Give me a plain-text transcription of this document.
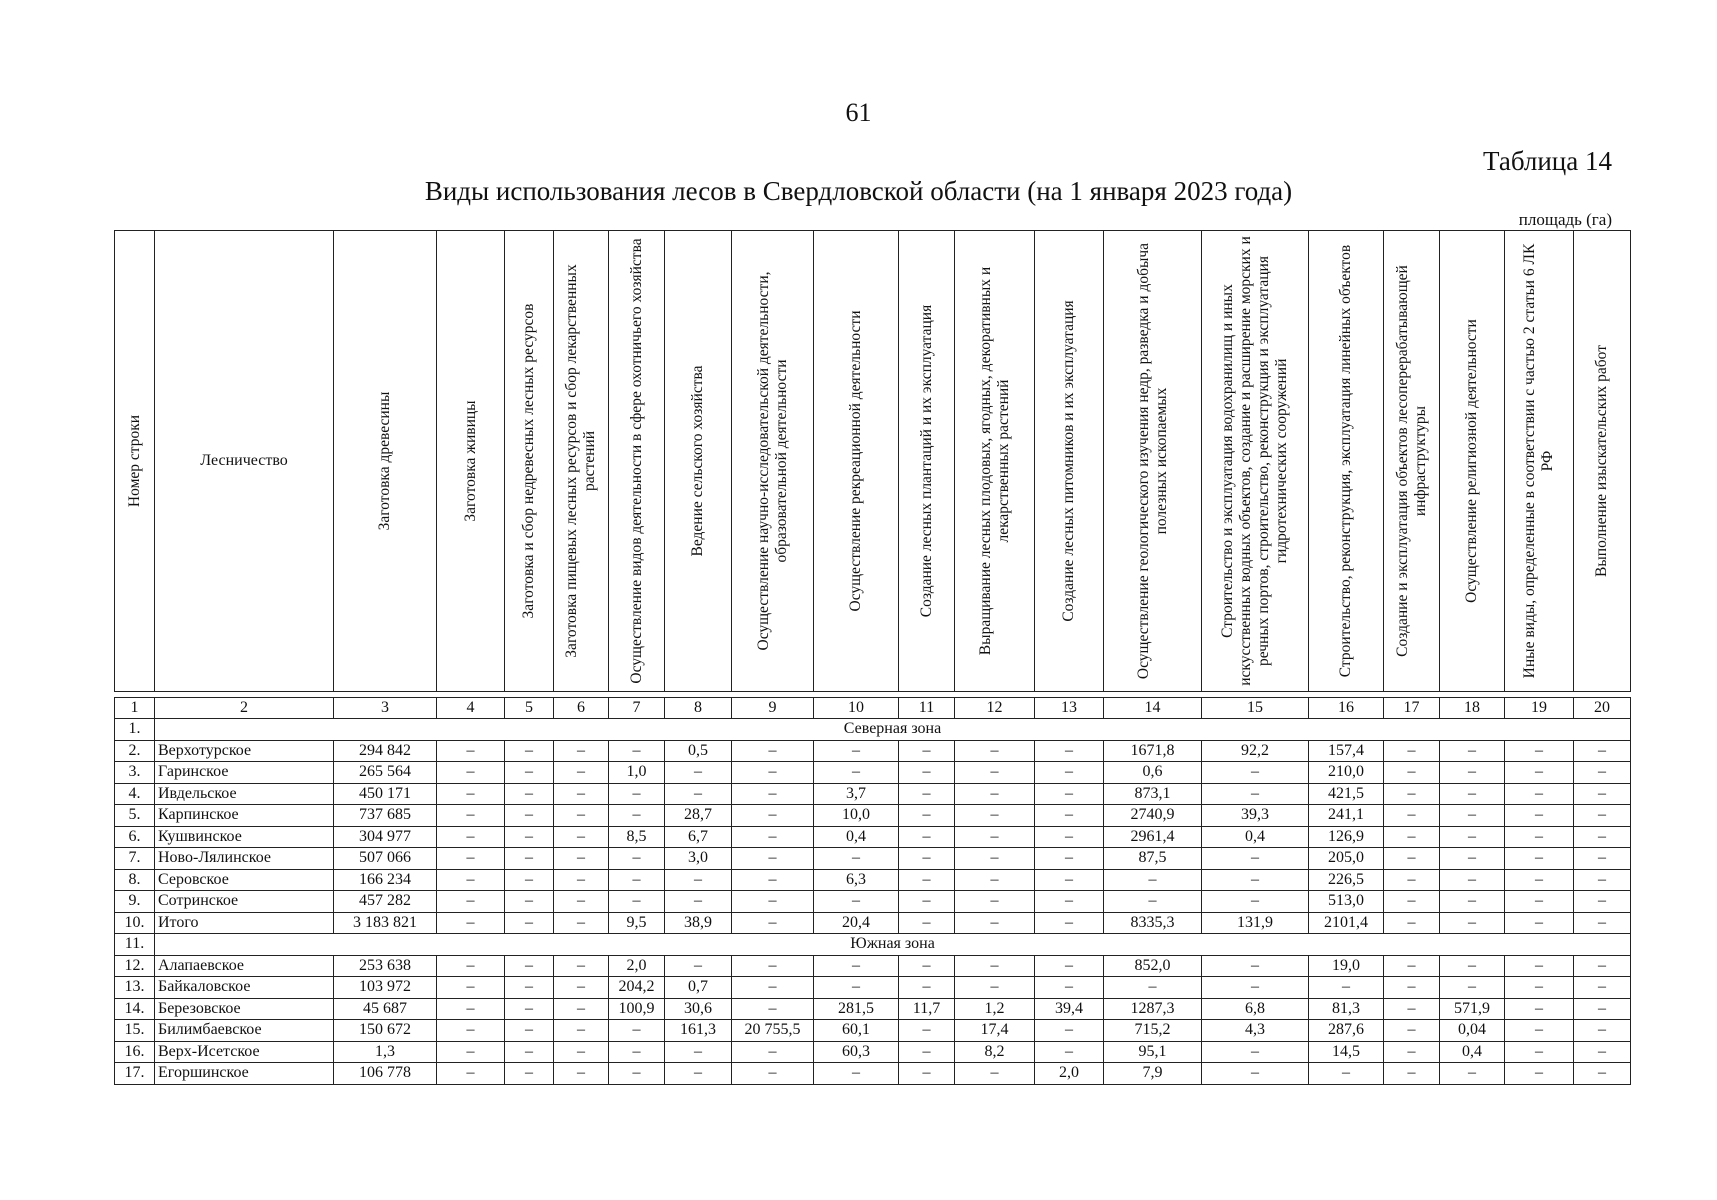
61
Таблица 14
Виды использования лесов в Свердловской области (на 1 января 2023 года)
площадь (га)
Номер строки	Лесничество	Заготовка древесины	Заготовка живицы	Заготовка и сбор недревесных лесных ресурсов	Заготовка пищевых лесных ресурсов и сбор лекарственных растений	Осуществление видов деятельности в сфере охотничьего хозяйства	Ведение сельского хозяйства	Осуществление научно-исследовательской деятельности, образовательной деятельности	Осуществление рекреационной деятельности	Создание лесных плантаций и их эксплуатация	Выращивание лесных плодовых, ягодных, декоративных и лекарственных растений	Создание лесных питомников и их эксплуатация	Осуществление геологического изучения недр, разведка и добыча полезных ископаемых	Строительство и эксплуатация водохранилищ и иных искусственных водных объектов, создание и расширение морских и речных портов, строительство, реконструкция и эксплуатация гидротехнических сооружений	Строительство, реконструкция, эксплуатация линейных объектов	Создание и эксплуатация объектов лесоперерабатывающей инфраструктуры	Осуществление религиозной деятельности	Иные виды, определенные в соответствии с частью 2 статьи 6 ЛК РФ	Выполнение изыскательских работ

1	2	3	4	5	6	7	8	9	10	11	12	13	14	15	16	17	18	19	20
1.	Северная зона																		
2.	Верхотурское	294 842	–	–	–	–	0,5	–	–	–	–	–	1671,8	92,2	157,4	–	–	–	–
3.	Гаринское	265 564	–	–	–	1,0	–	–	–	–	–	–	0,6	–	210,0	–	–	–	–
4.	Ивдельское	450 171	–	–	–	–	–	–	3,7	–	–	–	873,1	–	421,5	–	–	–	–
5.	Карпинское	737 685	–	–	–	–	28,7	–	10,0	–	–	–	2740,9	39,3	241,1	–	–	–	–
6.	Кушвинское	304 977	–	–	–	8,5	6,7	–	0,4	–	–	–	2961,4	0,4	126,9	–	–	–	–
7.	Ново-Лялинское	507 066	–	–	–	–	3,0	–	–	–	–	–	87,5	–	205,0	–	–	–	–
8.	Серовское	166 234	–	–	–	–	–	–	6,3	–	–	–	–	–	226,5	–	–	–	–
9.	Сотринское	457 282	–	–	–	–	–	–	–	–	–	–	–	–	513,0	–	–	–	–
10.	Итого	3 183 821	–	–	–	9,5	38,9	–	20,4	–	–	–	8335,3	131,9	2101,4	–	–	–	–
11.	Южная зона																		
12.	Алапаевское	253 638	–	–	–	2,0	–	–	–	–	–	–	852,0	–	19,0	–	–	–	–
13.	Байкаловское	103 972	–	–	–	204,2	0,7	–	–	–	–	–	–	–	–	–	–	–	–
14.	Березовское	45 687	–	–	–	100,9	30,6	–	281,5	11,7	1,2	39,4	1287,3	6,8	81,3	–	571,9	–	–
15.	Билимбаевское	150 672	–	–	–	–	161,3	20 755,5	60,1	–	17,4	–	715,2	4,3	287,6	–	0,04	–	–
16.	Верх-Исетское	1,3	–	–	–	–	–	–	60,3	–	8,2	–	95,1	–	14,5	–	0,4	–	–
17.	Егоршинское	106 778	–	–	–	–	–	–	–	–	–	2,0	7,9	–	–	–	–	–	–
